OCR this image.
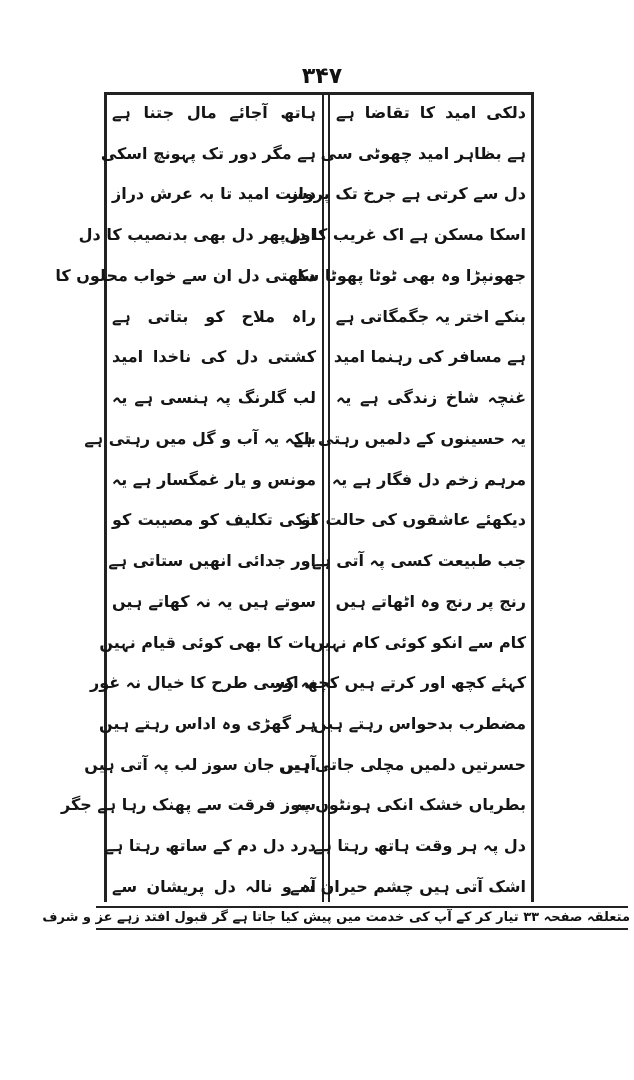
۳۴۷
دلکی امید کا تقاضا ہے
ہے بظاہر امید چھوٹی سی
دل سے کرتی ہے جرخ تک پرواز
اسکا مسکن ہے اک غریب کا دل
جھونپڑا وہ بھی ٹوٹا پھوٹا سا
بنکے اختر یہ جگمگاتی ہے
ہے مسافر کی رہنما امید
غنچہ شاخ زندگی ہے یہ
یہ حسینوں کے دلمیں رہتی ہے
مرہم زخم دل فگار ہے یہ
دیکھئے عاشقوں کی حالت کو
جب طبیعت کسی پہ آتی ہے
رنج پر رنج وہ اٹھاتے ہیں
کام سے انکو کوئی کام نہیں
کہئے کچھ اور کرتے ہیں کچھ اور
مضطرب بدحواس رہتے ہیں
حسرتیں دلمیں مچلی جاتی ہیں
بطریاں خشک انکی ہونٹوں پہ
دل پہ ہر وقت ہاتھ رہتا ہے
اشک آتی ہیں چشم حیران سے
ہاتھ آجائے مال جتنا ہے
ہے مگر دور تک پہونچ اسکی
دست امید تا بہ عرش دراز
اور پھر دل بھی بدنصیب کا دل
دکھتی دل ان سے خواب محلوں کا
راہ ملاح کو بتاتی ہے
کشتی دل کی ناخدا امید
لب گلرنگ پہ ہنسی ہے یہ
بلکہ یہ آب و گل میں رہتی ہے
مونس و یار غمگسار ہے یہ
انکی تکلیف کو مصیبت کو
اور جدائی انھیں ستاتی ہے
سوتے ہیں یہ نہ کھاتے ہیں
بات کا بھی کوئی قیام نہیں
نہ کسی طرح کا خیال نہ غور
ہر گھڑی وہ اداس رہتے ہیں
آہیں جان سوز لب پہ آتی ہیں
سوز فرقت سے پھنک رہا ہے جگر
درد دل دم کے ساتھ رہتا ہے
آہ و نالہ دل پریشان سے
متعلقہ صفحہ ۳۳ تیار کر کے آپ کی خدمت میں پیش کیا جاتا ہے گر قبول افتد زہے عز و شرف
